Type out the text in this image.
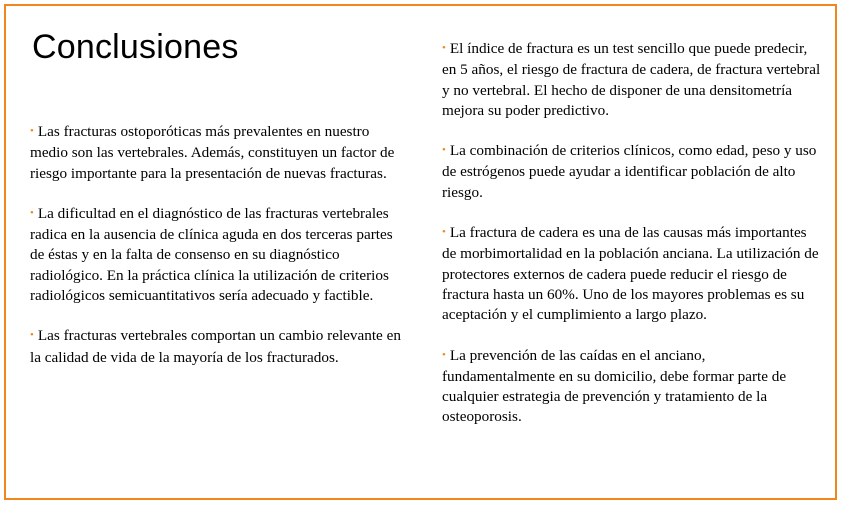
Conclusiones

• Las fracturas ostoporóticas más prevalentes en nuestro medio son las vertebrales. Además, constituyen un factor de riesgo importante para la presentación de nuevas fracturas.

• La dificultad en el diagnóstico de las fracturas vertebrales radica en la ausencia de clínica aguda en dos terceras partes de éstas y en la falta de consenso en su diagnóstico radiológico. En la práctica clínica la utilización de criterios radiológicos semicuantitativos sería adecuado y factible.

• Las fracturas vertebrales comportan un cambio relevante en la calidad de vida de la mayoría de los fracturados.

• El índice de fractura es un test sencillo que puede predecir, en 5 años, el riesgo de fractura de cadera, de fractura vertebral y no vertebral. El hecho de disponer de una densitometría mejora su poder predictivo.

• La combinación de criterios clínicos, como edad, peso y uso de estrógenos puede ayudar a identificar población de alto riesgo.

• La fractura de cadera es una de las causas más importantes de morbimortalidad en la población anciana. La utilización de protectores externos de cadera puede reducir el riesgo de fractura hasta un 60%. Uno de los mayores problemas es su aceptación y el cumplimiento a largo plazo.

• La prevención de las caídas en el anciano, fundamentalmente en su domicilio, debe formar parte de cualquier estrategia de prevención y tratamiento de la osteoporosis.
